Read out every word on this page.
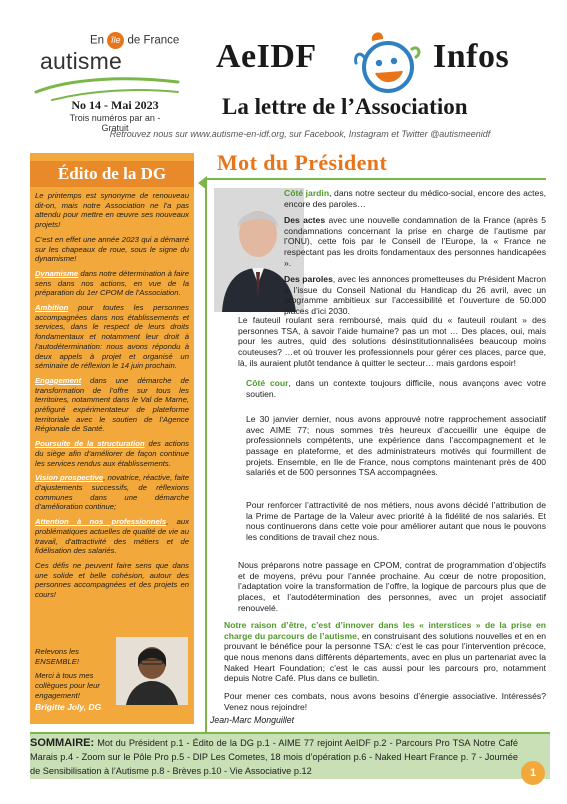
En île de France
autisme
No 14 - Mai 2023
Trois numéros par an - Gratuit
AeIDF	Infos
La lettre de l’Association
Retrouvez nous sur www.autisme-en-idf.org, sur Facebook, Instagram et Twitter @autismeenidf
Édito de la DG

Le printemps est synonyme de renouveau dit-on, mais notre Association ne l’a pas attendu pour mettre en œuvre ses nouveaux projets!

C’est en effet une année 2023 qui a démarré sur les chapeaux de roue, sous le signe du dynamisme!

Dynamisme dans notre détermination à faire sens dans nos actions, en vue de la préparation du 1er CPOM de l’Association.

Ambition pour toutes les personnes accompagnées dans nos établissements et services, dans le respect de leurs droits fondamentaux et notamment leur droit à l’autodétermination: nous avons répondu à deux appels à projet et organisé un séminaire de réflexion le 14 juin prochain.

Engagement dans une démarche de transformation de l’offre sur tous les territoires, notamment dans le Val de Marne, préfiguré expérimentateur de plateforme territoriale avec le soutien de l’Agence Régionale de Santé.

Poursuite de la structuration des actions du siège afin d’améliorer de façon continue les services rendus aux établissements.

Vision prospective, novatrice, réactive, faite d’ajustements successifs, de réflexions communes dans une démarche d’amélioration continue;

Attention à nos professionnels, aux problématiques actuelles de qualité de vie au travail, d’attractivité des métiers et de fidélisation des salariés.

Ces défis ne peuvent faire sens que dans une solide et belle cohésion, autour des personnes accompagnées et des projets en cours!

Relevons les ENSEMBLE!

Merci à tous mes collègues pour leur engagement!

Brigitte Joly, DG
Mot du Président
Côté jardin, dans notre secteur du médico-social, encore des actes, encore des paroles…
Des actes avec une nouvelle condamnation de la France (après 5 condamnations concernant la prise en charge de l’autisme par l’ONU), cette fois par le Conseil de l’Europe, la « France ne respectant pas les droits fondamentaux des personnes handicapées ».
Des paroles, avec les annonces prometteuses du Président Macron à l’issue du Conseil National du Handicap du 26 avril, avec un programme ambitieux sur l’accessibilité et l’ouverture de 50.000 places d’ici 2030.
Le fauteuil roulant sera remboursé, mais quid du « fauteuil roulant » des personnes TSA, à savoir l’aide humaine? pas un mot … Des places, oui, mais pour les autres, quid des solutions désinstitutionnalisées beaucoup moins couteuses? …et où trouver les professionnels pour gérer ces places, parce que, là, ils auraient plutôt tendance à quitter le secteur… mais gardons espoir!
Côté cour, dans un contexte toujours difficile, nous avançons avec votre soutien.
Le 30 janvier dernier, nous avons approuvé notre rapprochement associatif avec AIME 77; nous sommes très heureux d’accueillir une équipe de professionnels compétents, une expérience dans l’accompagnement et le passage en plateforme, et des administrateurs motivés qui fourmillent de projets. Ensemble, en Ile de France, nous comptons maintenant près de 400 salariés et de 500 personnes TSA accompagnées.
Pour renforcer l’attractivité de nos métiers, nous avons décidé l’attribution de la Prime de Partage de la Valeur avec priorité à la fidélité de nos salariés. Et nous continuerons dans cette voie pour améliorer autant que nous le pouvons les conditions de travail chez nous.
Nous préparons notre passage en CPOM, contrat de programmation d’objectifs et de moyens, prévu pour l’année prochaine. Au cœur de notre proposition, l’adaptation voire la transformation de l’offre, la logique de parcours plus que de places, et l’autodétermination des personnes, avec un projet associatif renouvelé.
Notre raison d’être, c’est d’innover dans les « interstices » de la prise en charge du parcours de l’autisme, en construisant des solutions nouvelles et en en prouvant le bénéfice pour la personne TSA: c’est le cas pour l’intervention précoce, que nous menons dans différents départements, avec en plus un partenariat avec la Naked Heart Foundation; c’est le cas aussi pour les parcours pro, notamment depuis Notre Café. Plus dans ce bulletin.
Pour mener ces combats, nous avons besoins d’énergie associative. Intéressés? Venez nous rejoindre!
Jean-Marc Monguillet
SOMMAIRE: Mot du Président p.1 - Édito de la DG p.1 - AIME 77 rejoint AeIDF p.2 - Parcours Pro TSA Notre Café Marais p.4 - Zoom sur le Pôle Pro p.5 - DIP Les Cometes, 18 mois d’opération p.6 - Naked Heart France p. 7 - Journée de Sensibilisation à l’Autisme p.8 - Brèves p.10 - Vie Associative p.12	1
